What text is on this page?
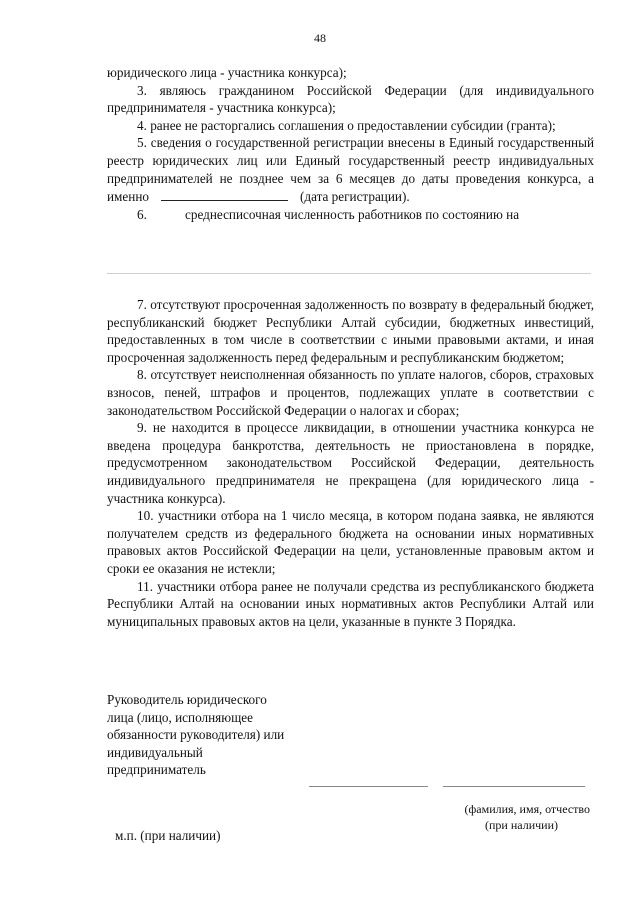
48

юридического лица - участника конкурса);

3. являюсь гражданином Российской Федерации (для индивидуального предпринимателя - участника конкурса);

4. ранее не расторгались соглашения о предоставлении субсидии (гранта);

5. сведения о государственной регистрации внесены в Единый государственный реестр юридических лиц или Единый государственный реестр индивидуальных предпринимателей не позднее чем за 6 месяцев до даты проведения конкурса, а именно	(дата регистрации).

6.	среднесписочная численность работников по состоянию на

7. отсутствуют просроченная задолженность по возврату в федеральный бюджет, республиканский бюджет Республики Алтай субсидии, бюджетных инвестиций, предоставленных в том числе в соответствии с иными правовыми актами, и иная просроченная задолженность перед федеральным и республиканским бюджетом;

8. отсутствует неисполненная обязанность по уплате налогов, сборов, страховых взносов, пеней, штрафов и процентов, подлежащих уплате в соответствии с законодательством Российской Федерации о налогах и сборах;

9. не находится в процессе ликвидации, в отношении участника конкурса не введена процедура банкротства, деятельность не приостановлена в порядке, предусмотренном законодательством Российской Федерации, деятельность индивидуального предпринимателя не прекращена (для юридического лица - участника конкурса).

10. участники отбора на 1 число месяца, в котором подана заявка, не являются получателем средств из федерального бюджета на основании иных нормативных правовых актов Российской Федерации на цели, установленные правовым актом и сроки ее оказания не истекли;

11. участники отбора ранее не получали средства из республиканского бюджета Республики Алтай на основании иных нормативных актов Республики Алтай или муниципальных правовых актов на цели, указанные в пункте 3 Порядка.

Руководитель юридического
лица (лицо, исполняющее
обязанности руководителя) или
индивидуальный
предприниматель
(фамилия, имя, отчество
(при наличии)
м.п. (при наличии)
